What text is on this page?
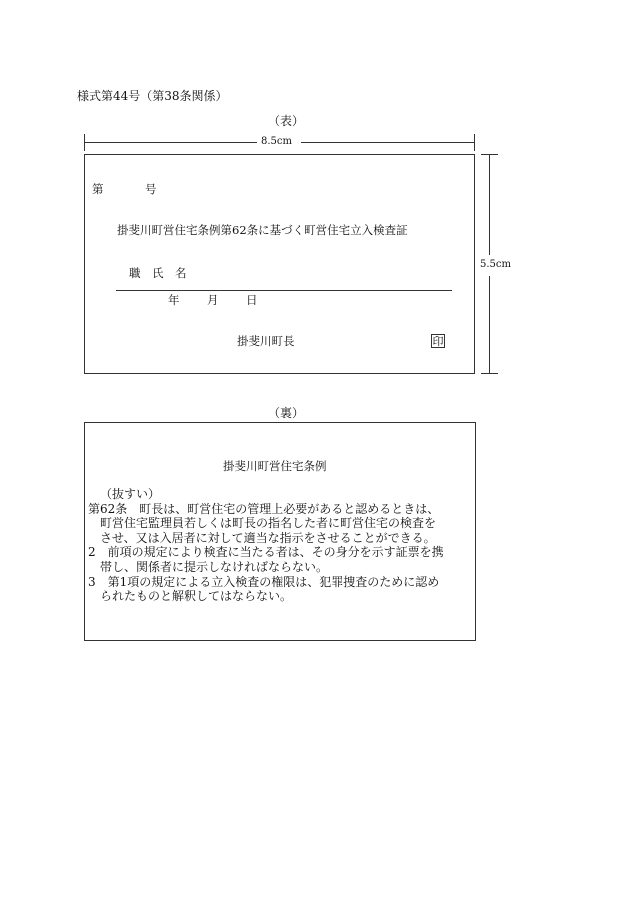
様式第44号（第38条関係）
（表）
8.5cm
5.5cm
第	号
掛斐川町営住宅条例第62条に基づく町営住宅立入検査証
職　氏　名
年 月 日
掛斐川町長	印
（裏）
掛斐川町営住宅条例
（抜すい）
第62条　町長は、町営住宅の管理上必要があると認めるときは、
　町営住宅監理員若しくは町長の指名した者に町営住宅の検査を
　させ、又は入居者に対して適当な指示をさせることができる。
2　前項の規定により検査に当たる者は、その身分を示す証票を携
　帯し、関係者に提示しなければならない。
3　第1項の規定による立入検査の権限は、犯罪捜査のために認め
　られたものと解釈してはならない。
